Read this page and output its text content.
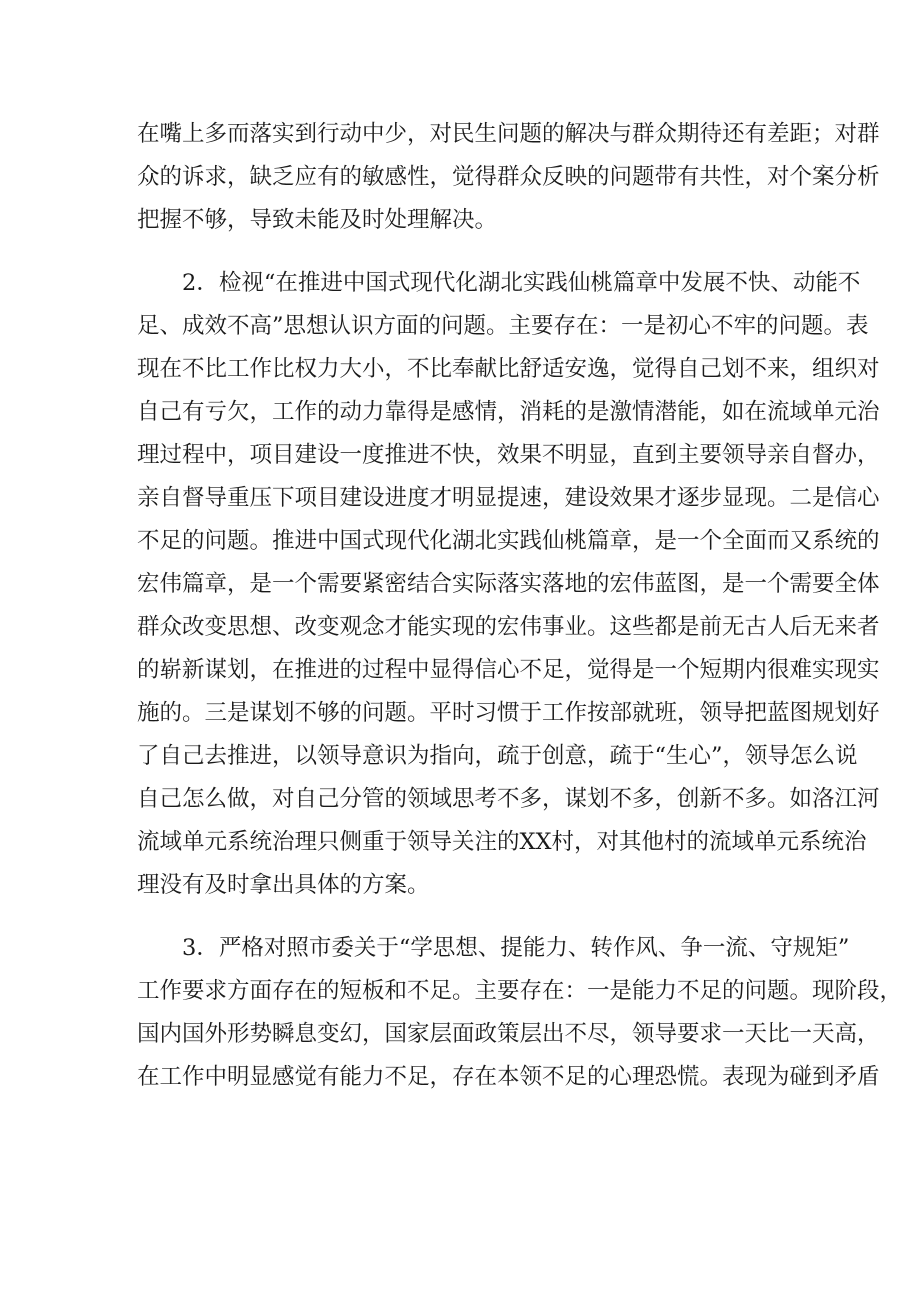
在嘴上多而落实到行动中少，对民生问题的解决与群众期待还有差距；对群
众的诉求，缺乏应有的敏感性，觉得群众反映的问题带有共性，对个案分析
把握不够，导致未能及时处理解决。
　　2．检视“在推进中国式现代化湖北实践仙桃篇章中发展不快、动能不
足、成效不高”思想认识方面的问题。主要存在：一是初心不牢的问题。表
现在不比工作比权力大小，不比奉献比舒适安逸，觉得自己划不来，组织对
自己有亏欠，工作的动力靠得是感情，消耗的是激情潜能，如在流域单元治
理过程中，项目建设一度推进不快，效果不明显，直到主要领导亲自督办，
亲自督导重压下项目建设进度才明显提速，建设效果才逐步显现。二是信心
不足的问题。推进中国式现代化湖北实践仙桃篇章，是一个全面而又系统的
宏伟篇章，是一个需要紧密结合实际落实落地的宏伟蓝图，是一个需要全体
群众改变思想、改变观念才能实现的宏伟事业。这些都是前无古人后无来者
的崭新谋划，在推进的过程中显得信心不足，觉得是一个短期内很难实现实
施的。三是谋划不够的问题。平时习惯于工作按部就班，领导把蓝图规划好
了自己去推进，以领导意识为指向，疏于创意，疏于“生心”，领导怎么说
自己怎么做，对自己分管的领域思考不多，谋划不多，创新不多。如洛江河
流域单元系统治理只侧重于领导关注的XX村，对其他村的流域单元系统治
理没有及时拿出具体的方案。
　　3．严格对照市委关于“学思想、提能力、转作风、争一流、守规矩”
工作要求方面存在的短板和不足。主要存在：一是能力不足的问题。现阶段，
国内国外形势瞬息变幻，国家层面政策层出不尽，领导要求一天比一天高，
在工作中明显感觉有能力不足，存在本领不足的心理恐慌。表现为碰到矛盾
